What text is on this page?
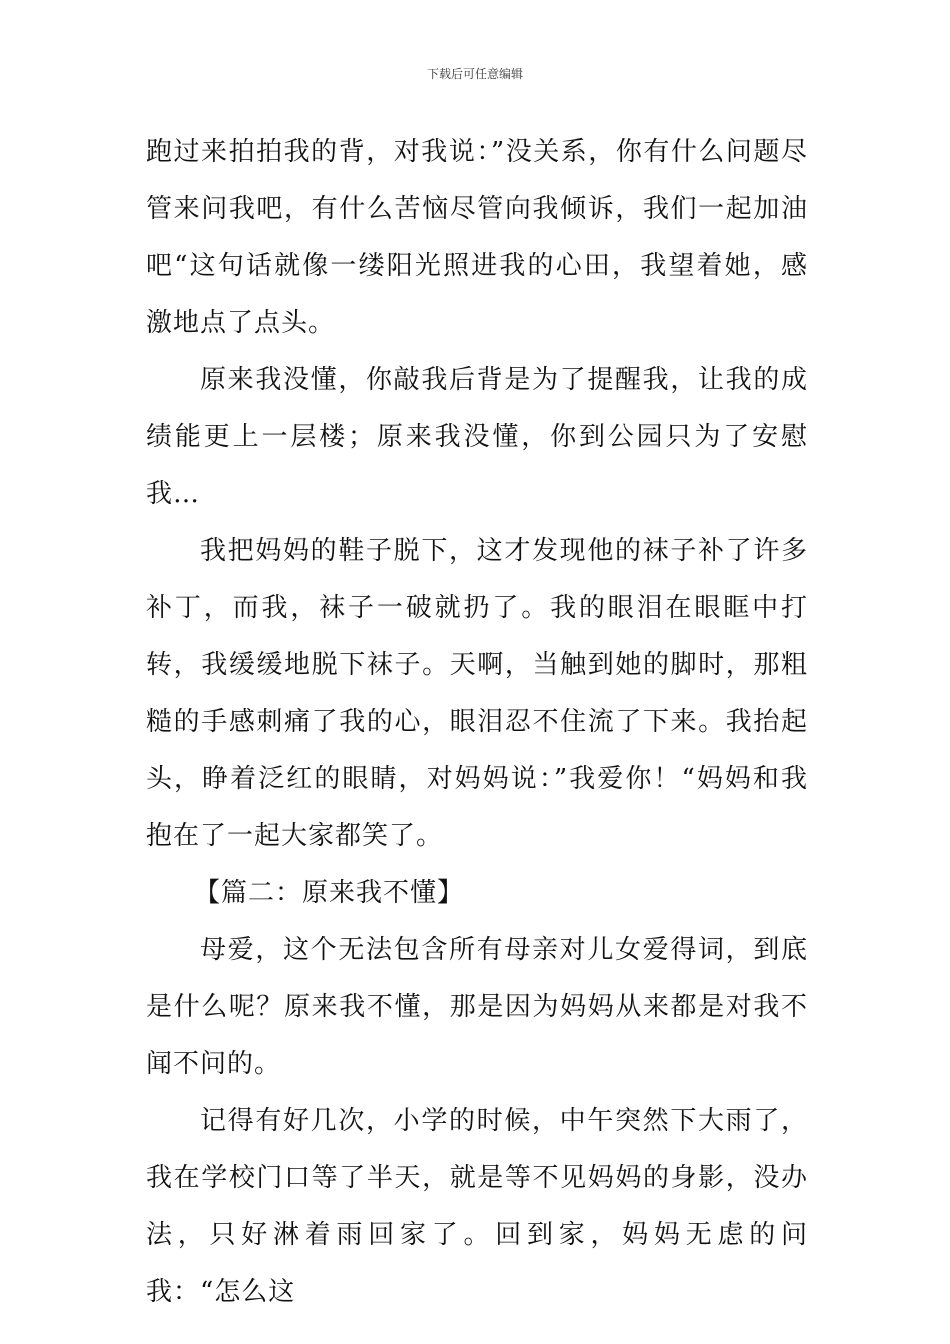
下载后可任意编辑

跑过来拍拍我的背，对我说：”没关系，你有什么问题尽管来问我吧，有什么苦恼尽管向我倾诉，我们一起加油吧“这句话就像一缕阳光照进我的心田，我望着她，感激地点了点头。

原来我没懂，你敲我后背是为了提醒我，让我的成绩能更上一层楼；原来我没懂，你到公园只为了安慰我…

我把妈妈的鞋子脱下，这才发现他的袜子补了许多补丁，而我，袜子一破就扔了。我的眼泪在眼眶中打转，我缓缓地脱下袜子。天啊，当触到她的脚时，那粗糙的手感刺痛了我的心，眼泪忍不住流了下来。我抬起头，睁着泛红的眼睛，对妈妈说：”我爱你！“妈妈和我抱在了一起大家都笑了。

【篇二：原来我不懂】

母爱，这个无法包含所有母亲对儿女爱得词，到底是什么呢？原来我不懂，那是因为妈妈从来都是对我不闻不问的。

记得有好几次，小学的时候，中午突然下大雨了，我在学校门口等了半天，就是等不见妈妈的身影，没办法，只好淋着雨回家了。回到家，妈妈无虑的问我：“怎么这
